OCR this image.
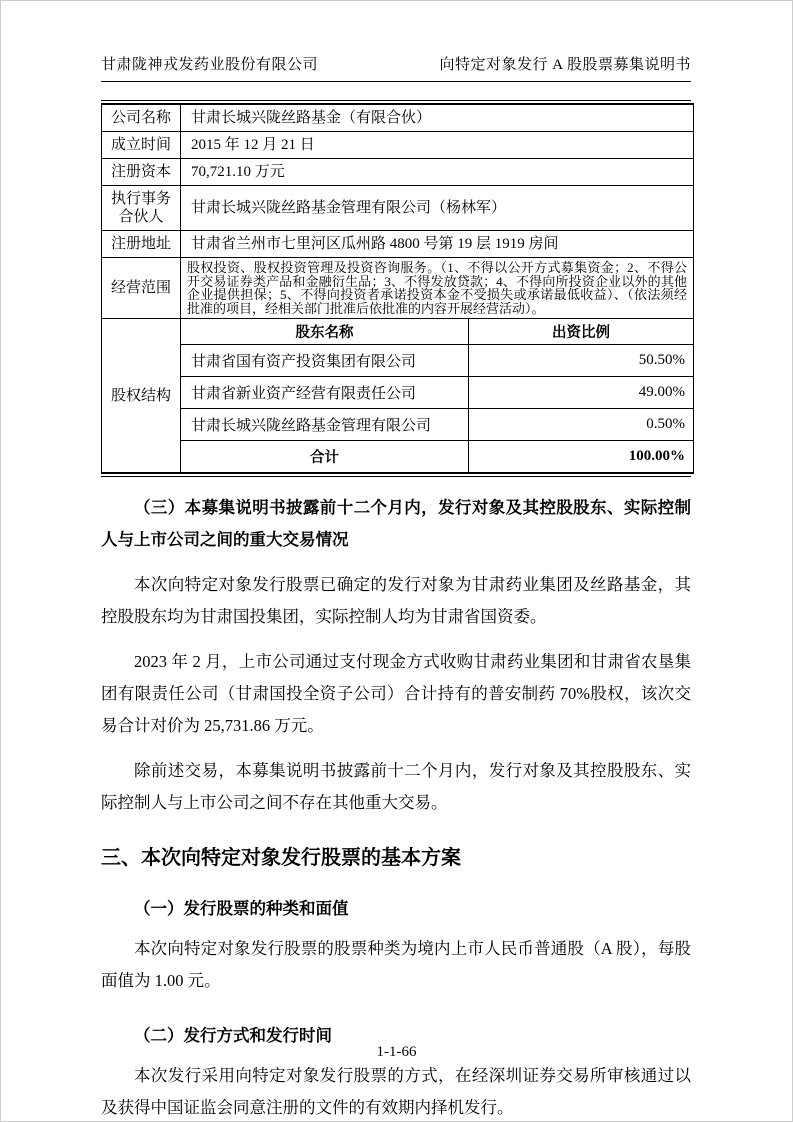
甘肃陇神戎发药业股份有限公司	向特定对象发行 A 股股票募集说明书
公司名称	甘肃长城兴陇丝路基金（有限合伙）	
成立时间	2015 年 12 月 21 日	
注册资本	70,721.10 万元	
执行事务合伙人	甘肃长城兴陇丝路基金管理有限公司（杨林军）	
注册地址	甘肃省兰州市七里河区瓜州路 4800 号第 19 层 1919 房间	
经营范围	股权投资、股权投资管理及投资咨询服务。（1、不得以公开方式募集资金；2、不得公开交易证券类产品和金融衍生品；3、不得发放贷款；4、不得向所投资企业以外的其他企业提供担保；5、不得向投资者承诺投资本金不受损失或承诺最低收益）、（依法须经批准的项目，经相关部门批准后依批准的内容开展经营活动）。	
股权结构	股东名称	出资比例
	甘肃省国有资产投资集团有限公司	50.50%
	甘肃省新业资产经营有限责任公司	49.00%
	甘肃长城兴陇丝路基金管理有限公司	0.50%
	合计	100.00%
（三）本募集说明书披露前十二个月内，发行对象及其控股股东、实际控制人与上市公司之间的重大交易情况

本次向特定对象发行股票已确定的发行对象为甘肃药业集团及丝路基金，其控股股东均为甘肃国投集团，实际控制人均为甘肃省国资委。

2023 年 2 月，上市公司通过支付现金方式收购甘肃药业集团和甘肃省农垦集团有限责任公司（甘肃国投全资子公司）合计持有的普安制药 70%股权，该次交易合计对价为 25,731.86 万元。

除前述交易，本募集说明书披露前十二个月内，发行对象及其控股股东、实际控制人与上市公司之间不存在其他重大交易。

三、本次向特定对象发行股票的基本方案
（一）发行股票的种类和面值

本次向特定对象发行股票的股票种类为境内上市人民币普通股（A 股），每股面值为 1.00 元。

（二）发行方式和发行时间

本次发行采用向特定对象发行股票的方式，在经深圳证券交易所审核通过以及获得中国证监会同意注册的文件的有效期内择机发行。

1-1-66
